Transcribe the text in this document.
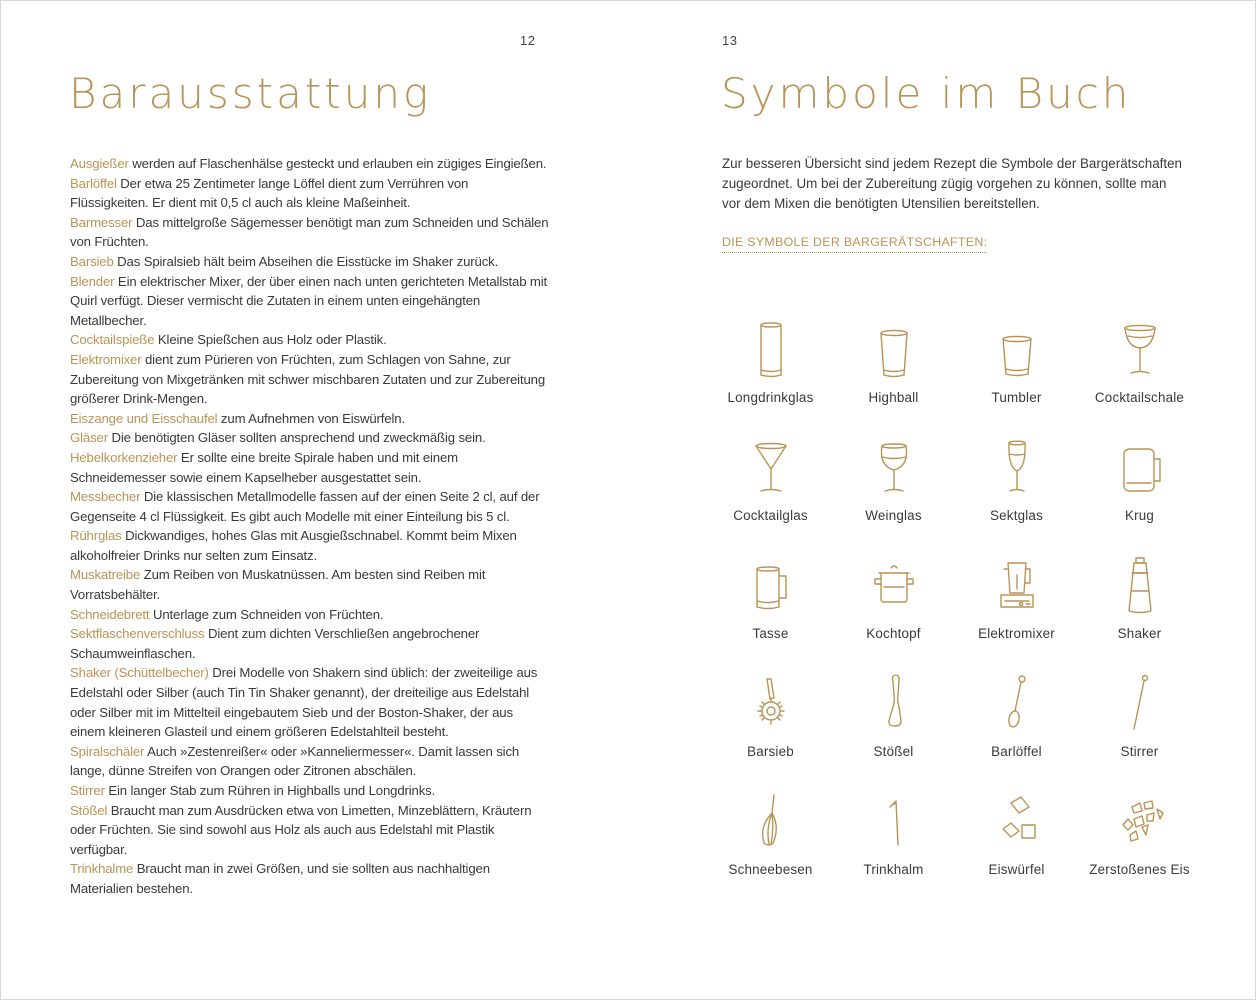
12
Barausstattung

Ausgießer werden auf Flaschenhälse gesteckt und erlauben ein zügiges Eingießen.

Barlöffel Der etwa 25 Zentimeter lange Löffel dient zum Verrühren von Flüssigkeiten. Er dient mit 0,5 cl auch als kleine Maßeinheit.

Barmesser Das mittelgroße Sägemesser benötigt man zum Schneiden und Schälen von Früchten.

Barsieb Das Spiralsieb hält beim Abseihen die Eisstücke im Shaker zurück.

Blender Ein elektrischer Mixer, der über einen nach unten gerichteten Metallstab mit Quirl verfügt. Dieser vermischt die Zutaten in einem unten eingehängten Metallbecher.

Cocktailspieße Kleine Spießchen aus Holz oder Plastik.

Elektromixer dient zum Pürieren von Früchten, zum Schlagen von Sahne, zur Zubereitung von Mixgetränken mit schwer mischbaren Zutaten und zur Zubereitung größerer Drink-Mengen.

Eiszange und Eisschaufel zum Aufnehmen von Eiswürfeln.

Gläser Die benötigten Gläser sollten ansprechend und zweckmäßig sein.

Hebelkorkenzieher Er sollte eine breite Spirale haben und mit einem Schneidemesser sowie einem Kapselheber ausgestattet sein.

Messbecher Die klassischen Metallmodelle fassen auf der einen Seite 2 cl, auf der Gegenseite 4 cl Flüssigkeit. Es gibt auch Modelle mit einer Einteilung bis 5 cl.

Rührglas Dickwandiges, hohes Glas mit Ausgießschnabel. Kommt beim Mixen alkoholfreier Drinks nur selten zum Einsatz.

Muskatreibe Zum Reiben von Muskatnüssen. Am besten sind Reiben mit Vorratsbehälter.

Schneidebrett Unterlage zum Schneiden von Früchten.

Sektflaschenverschluss Dient zum dichten Verschließen angebrochener Schaumweinflaschen.

Shaker (Schüttelbecher) Drei Modelle von Shakern sind üblich: der zweiteilige aus Edelstahl oder Silber (auch Tin Tin Shaker genannt), der dreiteilige aus Edelstahl oder Silber mit im Mittelteil eingebautem Sieb und der Boston-Shaker, der aus einem kleineren Glasteil und einem größeren Edelstahlteil besteht.

Spiralschäler Auch »Zestenreißer« oder »Kanneliermesser«. Damit lassen sich lange, dünne Streifen von Orangen oder Zitronen abschälen.

Stirrer Ein langer Stab zum Rühren in Highballs und Longdrinks.

Stößel Braucht man zum Ausdrücken etwa von Limetten, Minzeblättern, Kräutern oder Früchten. Sie sind sowohl aus Holz als auch aus Edelstahl mit Plastik verfügbar.

Trinkhalme Braucht man in zwei Größen, und sie sollten aus nachhaltigen Materialien bestehen.

13
Symbole im Buch

Zur besseren Übersicht sind jedem Rezept die Symbole der Bargerätschaften zugeordnet. Um bei der Zubereitung zügig vorgehen zu können, sollte man vor dem Mixen die benötigten Utensilien bereitstellen.

DIE SYMBOLE DER BARGERÄTSCHAFTEN:
Longdrinkglas	Highball	Tumbler	Cocktailschale
Cocktailglas	Weinglas	Sektglas	Krug
Tasse	Kochtopf	Elektromixer	Shaker
Barsieb	Stößel	Barlöffel	Stirrer
Schneebesen	Trinkhalm	Eiswürfel	Zerstoßenes Eis
